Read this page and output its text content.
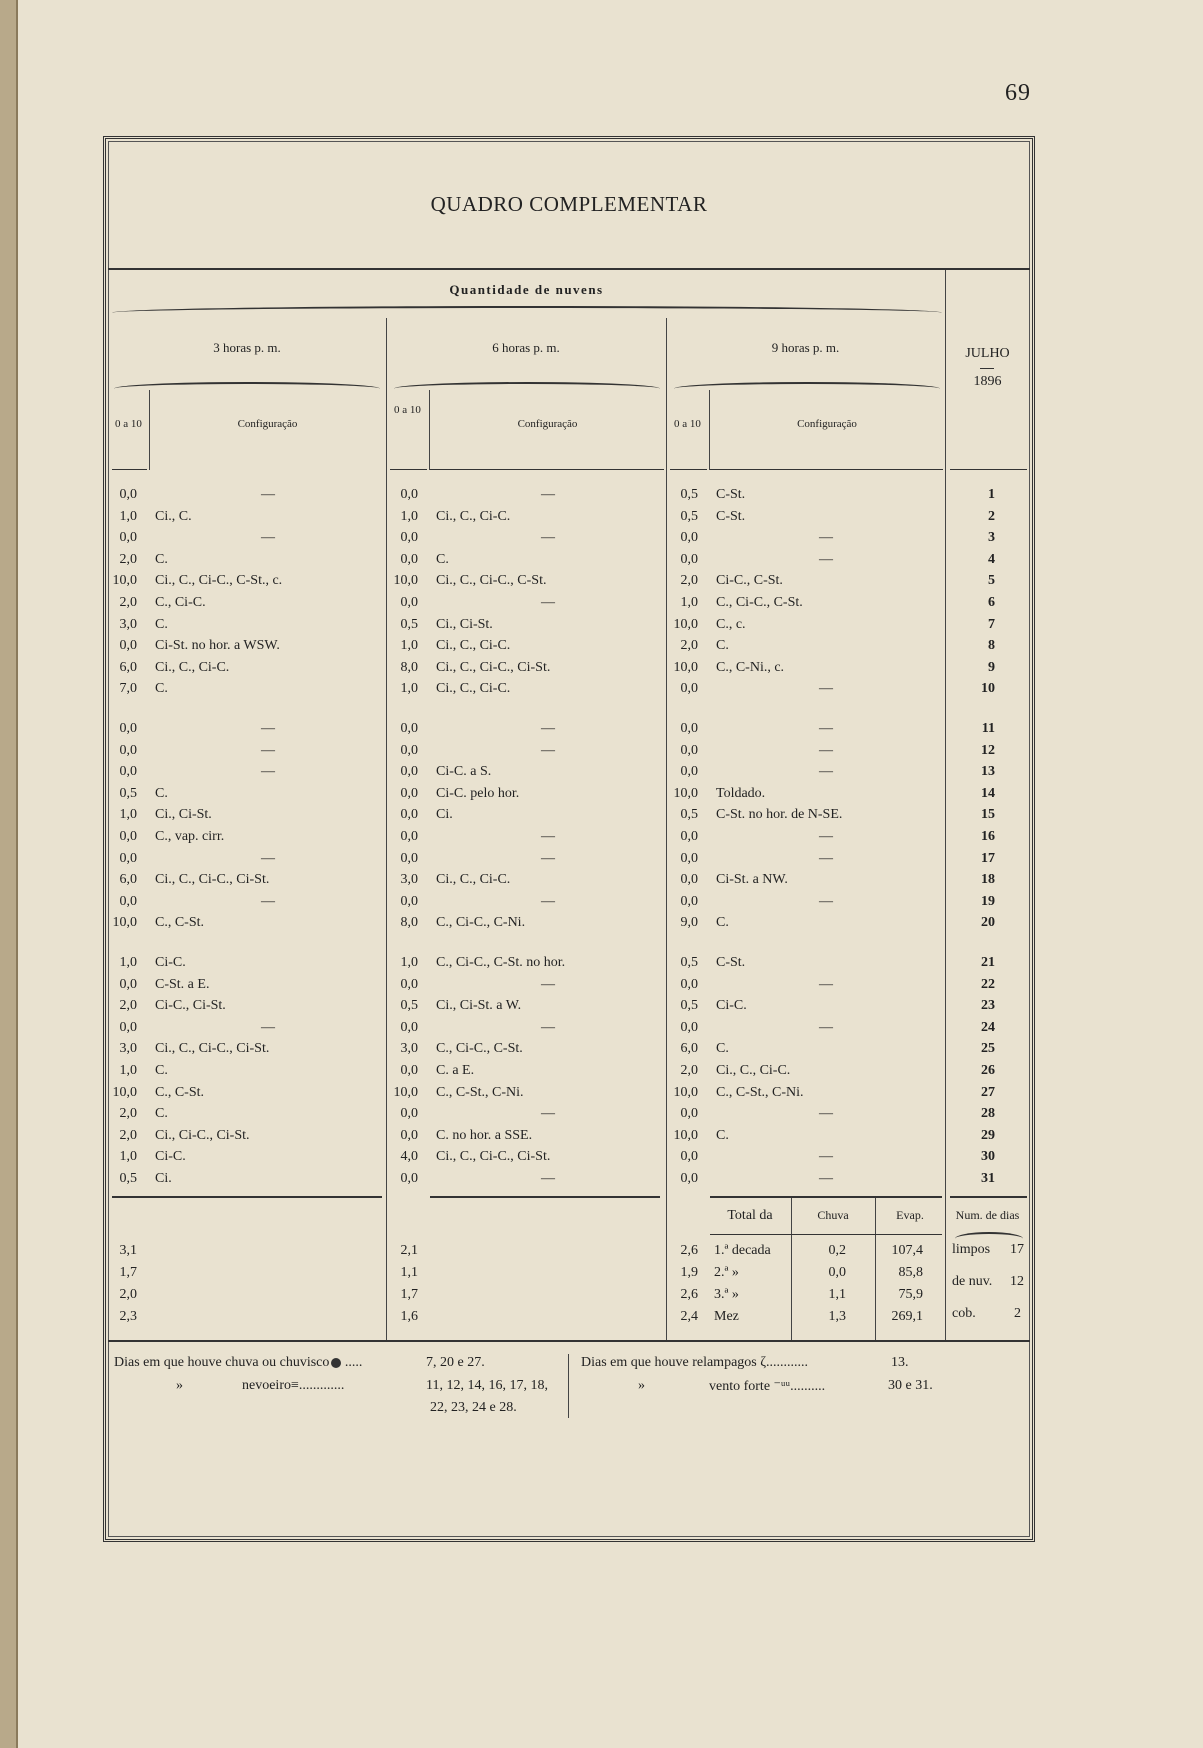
69
QUADRO COMPLEMENTAR
Quantidade de nuvens
3 horas p. m.	6 horas p. m.	9 horas p. m.	JULHO
1896
0 a 10	Configuração
0 a 10
Configuração	0 a 10	Configuração
0,0	—	0,0	—	0,5 C-St.	1
1,0 Ci., C.	1,0 Ci., C., Ci-C.	0,5 C-St.	2
0,0	—	0,0	—	0,0	—	3
2,0 C.	0,0 C.	0,0	—	4
10,0 Ci., C., Ci-C., C-St., c.	10,0 Ci., C., Ci-C., C-St.	2,0 Ci-C., C-St.	5
2,0 C., Ci-C.	0,0	—	1,0 C., Ci-C., C-St.	6
3,0 C.	0,5 Ci., Ci-St.	10,0 C., c.	7
0,0 Ci-St. no hor. a WSW.	1,0 Ci., C., Ci-C.	2,0 C.	8
6,0 Ci., C., Ci-C.	8,0 Ci., C., Ci-C., Ci-St.	10,0 C., C-Ni., c.	9
7,0 C.	1,0 Ci., C., Ci-C.	0,0	—	10
0,0	—	0,0	—	0,0	—	11
0,0	—	0,0	—	0,0	—	12
0,0	—	0,0 Ci-C. a S.	0,0	—	13
0,5 C.	0,0 Ci-C. pelo hor.	10,0 Toldado.	14
1,0 Ci., Ci-St.	0,0 Ci.	0,5 C-St. no hor. de N-SE.	15
0,0 C., vap. cirr.	0,0	—	0,0	—	16
0,0	—	0,0	—	0,0	—	17
6,0 Ci., C., Ci-C., Ci-St.	3,0 Ci., C., Ci-C.	0,0 Ci-St. a NW.	18
0,0	—	0,0	—	0,0	—	19
10,0 C., C-St.	8,0 C., Ci-C., C-Ni.	9,0 C.	20
1,0 Ci-C.	1,0 C., Ci-C., C-St. no hor.	0,5 C-St.	21
0,0 C-St. a E.	0,0	—	0,0	—	22
2,0 Ci-C., Ci-St.	0,5 Ci., Ci-St. a W.	0,5 Ci-C.	23
0,0	—	0,0	—	0,0	—	24
3,0 Ci., C., Ci-C., Ci-St.	3,0 C., Ci-C., C-St.	6,0 C.	25
1,0 C.	0,0 C. a E.	2,0 Ci., C., Ci-C.	26
10,0 C., C-St.	10,0 C., C-St., C-Ni.	10,0 C., C-St., C-Ni.	27
2,0 C.	0,0	—	0,0	—	28
2,0 Ci., Ci-C., Ci-St.	0,0 C. no hor. a SSE.	10,0 C.	29
1,0 Ci-C.	4,0 Ci., C., Ci-C., Ci-St.	0,0	—	30
0,5 Ci.	0,0	—	0,0	—	31
Total da	Chuva	Evap.	Num. de dias
3,1	2,1	2,6 1.ª decada	0,2	107,4
1,7	1,1	1,9 2.ª »	0,0	85,8
2,0	1,7	2,6 3.ª »	1,1	75,9
2,3	1,6	2,4 Mez	1,3	269,1
limpos 17
de nuv. 12
cob.	2
Dias em que houve chuva ou chuvisco .....	7, 20 e 27.
»	nevoeiro≡.............	11, 12, 14, 16, 17, 18,
22, 23, 24 e 28.
Dias em que houve relampagos ζ............	13.
»	vento forte ⁻ᵘᵘ..........	30 e 31.
